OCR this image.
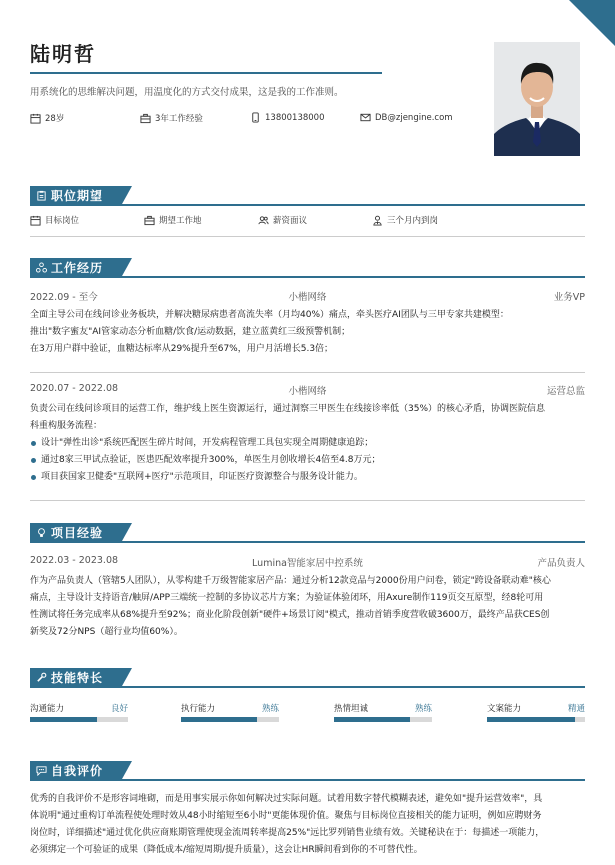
陆明哲
用系统化的思维解决问题，用温度化的方式交付成果，这是我的工作准则。
28岁	3年工作经验	13800138000	DB@zjengine.com
职位期望
目标岗位	期望工作地	薪资面议	三个月内到岗
工作经历
2022.09 - 至今	小楷网络	业务VP
全面主导公司在线问诊业务板块，并解决糖尿病患者高流失率（月均40%）痛点，牵头医疗AI团队与三甲专家共建模型：
推出"数字蜜友"AI管家动态分析血糖/饮食/运动数据，建立蓝黄红三级预警机制；
在3万用户群中验证，血糖达标率从29%提升至67%，用户月活增长5.3倍；
2020.07 - 2022.08	小楷网络	运营总监
负责公司在线问诊项目的运营工作，维护线上医生资源运行，通过洞察三甲医生在线接诊率低（35%）的核心矛盾，协调医院信息
科重构服务流程：
设计"弹性出诊"系统匹配医生碎片时间，开发病程管理工具包实现全周期健康追踪；
通过8家三甲试点验证，医患匹配效率提升300%，单医生月创收增长4倍至4.8万元；
项目获国家卫健委"互联网+医疗"示范项目，印证医疗资源整合与服务设计能力。
项目经验
2022.03 - 2023.08	Lumina智能家居中控系统	产品负责人
作为产品负责人（管辖5人团队），从零构建千万级智能家居产品：通过分析12款竞品与2000份用户问卷，锁定"跨设备联动难"核心
痛点，主导设计支持语音/触屏/APP三端统一控制的多协议芯片方案；为验证体验闭环，用Axure制作119页交互原型，经8轮可用
性测试将任务完成率从68%提升至92%；商业化阶段创新"硬件+场景订阅"模式，推动首销季度营收破3600万，最终产品获CES创
新奖及72分NPS（超行业均值60%）。
技能特长
沟通能力	良好	执行能力	熟练	热情坦诚	熟练	文案能力	精通
自我评价
优秀的自我评价不是形容词堆砌，而是用事实展示你如何解决过实际问题。试着用数字替代模糊表述，避免如"提升运营效率"，具
体说明"通过重构订单流程使处理时效从48小时缩短至6小时"更能体现价值。聚焦与目标岗位直接相关的能力证明，例如应聘财务
岗位时，详细描述"通过优化供应商账期管理使现金流周转率提高25%"远比罗列销售业绩有效。关键秘诀在于：每描述一项能力，
必须绑定一个可验证的成果（降低成本/缩短周期/提升质量），这会让HR瞬间看到你的不可替代性。
